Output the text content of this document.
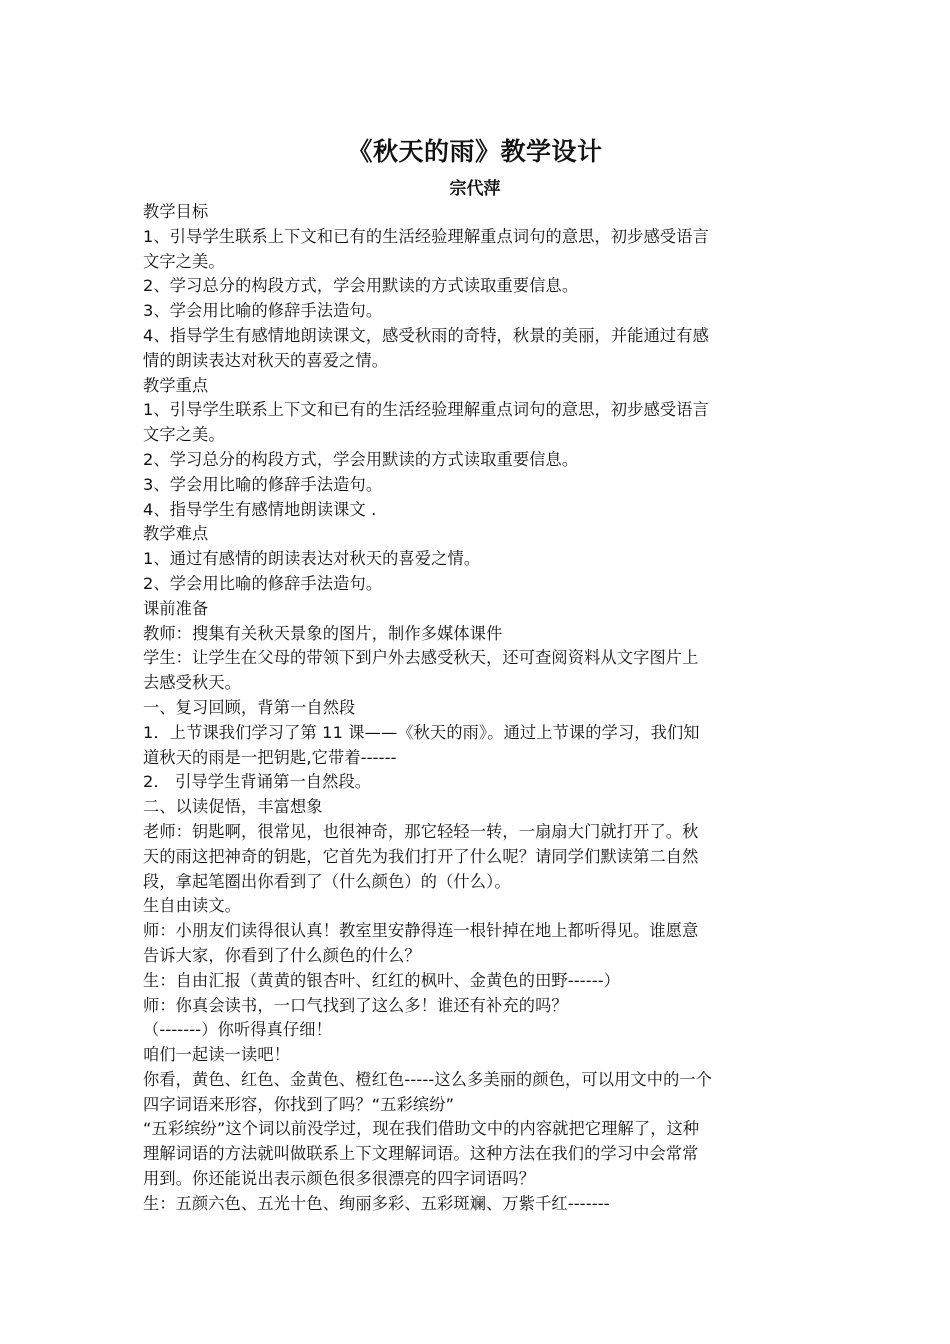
《秋天的雨》教学设计
宗代萍
教学目标
1、引导学生联系上下文和已有的生活经验理解重点词句的意思，初步感受语言
文字之美。
2、学习总分的构段方式，学会用默读的方式读取重要信息。
3、学会用比喻的修辞手法造句。
4、指导学生有感情地朗读课文，感受秋雨的奇特，秋景的美丽，并能通过有感
情的朗读表达对秋天的喜爱之情。
教学重点
1、引导学生联系上下文和已有的生活经验理解重点词句的意思，初步感受语言
文字之美。
2、学习总分的构段方式，学会用默读的方式读取重要信息。
3、学会用比喻的修辞手法造句。
4、指导学生有感情地朗读课文 .
教学难点
1、通过有感情的朗读表达对秋天的喜爱之情。
2、学会用比喻的修辞手法造句。
课前准备
教师：搜集有关秋天景象的图片，制作多媒体课件
学生：让学生在父母的带领下到户外去感受秋天，还可查阅资料从文字图片上
去感受秋天。
一、复习回顾，背第一自然段
1．上节课我们学习了第 11 课——《秋天的雨》。通过上节课的学习，我们知
道秋天的雨是一把钥匙,它带着------
2． 引导学生背诵第一自然段。
二、以读促悟，丰富想象
老师：钥匙啊，很常见，也很神奇，那它轻轻一转，一扇扇大门就打开了。秋
天的雨这把神奇的钥匙，它首先为我们打开了什么呢？请同学们默读第二自然
段，拿起笔圈出你看到了（什么颜色）的（什么）。
生自由读文。
师：小朋友们读得很认真！教室里安静得连一根针掉在地上都听得见。谁愿意
告诉大家，你看到了什么颜色的什么？
生：自由汇报（黄黄的银杏叶、红红的枫叶、金黄色的田野------）
师：你真会读书，一口气找到了这么多！谁还有补充的吗？
（-------）你听得真仔细！
咱们一起读一读吧！
你看，黄色、红色、金黄色、橙红色-----这么多美丽的颜色，可以用文中的一个
四字词语来形容，你找到了吗？“五彩缤纷”
“五彩缤纷”这个词以前没学过，现在我们借助文中的内容就把它理解了，这种
理解词语的方法就叫做联系上下文理解词语。这种方法在我们的学习中会常常
用到。你还能说出表示颜色很多很漂亮的四字词语吗？
生：五颜六色、五光十色、绚丽多彩、五彩斑斓、万紫千红-------
